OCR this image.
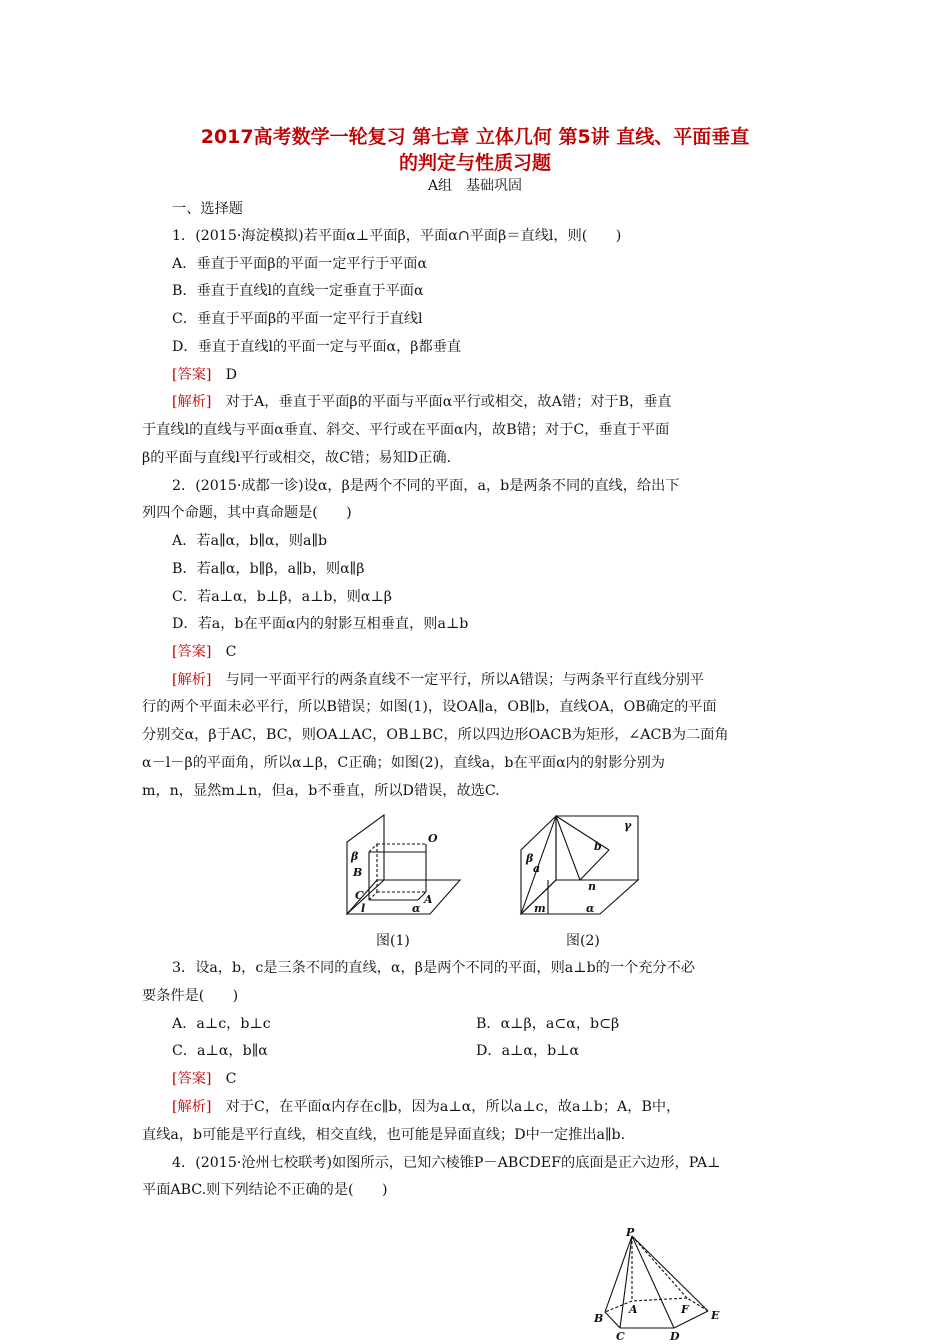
2017高考数学一轮复习 第七章 立体几何 第5讲 直线、平面垂直
的判定与性质习题
A组　基础巩固
一、选择题
1．(2015·海淀模拟)若平面α⊥平面β，平面α∩平面β＝直线l，则(　　)
A．垂直于平面β的平面一定平行于平面α
B．垂直于直线l的直线一定垂直于平面α
C．垂直于平面β的平面一定平行于直线l
D．垂直于直线l的平面一定与平面α，β都垂直
[答案]　 D
[解析]　 对于A，垂直于平面β的平面与平面α平行或相交，故A错；对于B，垂直
于直线l的直线与平面α垂直、斜交、平行或在平面α内，故B错；对于C，垂直于平面
β的平面与直线l平行或相交，故C错；易知D正确.
2．(2015·成都一诊)设α，β是两个不同的平面，a，b是两条不同的直线，给出下
列四个命题，其中真命题是(　　)
A．若a∥α，b∥α，则a∥b
B．若a∥α，b∥β，a∥b，则α∥β
C．若a⊥α，b⊥β，a⊥b，则α⊥β
D．若a，b在平面α内的射影互相垂直，则a⊥b
[答案]　 C
[解析]　 与同一平面平行的两条直线不一定平行，所以A错误；与两条平行直线分别平
行的两个平面未必平行，所以B错误；如图(1)，设OA∥a，OB∥b，直线OA，OB确定的平面
分别交α，β于AC，BC，则OA⊥AC，OB⊥BC，所以四边形OACB为矩形，∠ACB为二面角
α－l－β的平面角，所以α⊥β，C正确；如图(2)，直线a，b在平面α内的射影分别为
m，n，显然m⊥n，但a，b不垂直，所以D错误，故选C.
O
β
B
C	A
l	α
图(1)
γ
b
β
a
n
m	α
图(2)
3．设a，b，c是三条不同的直线，α，β是两个不同的平面，则a⊥b的一个充分不必
要条件是(　　)
A．a⊥c，b⊥c	B．α⊥β，a⊂α，b⊂β
C．a⊥α，b∥α	D．a⊥α，b⊥α
[答案]　 C
[解析]　 对于C，在平面α内存在c∥b，因为a⊥α，所以a⊥c，故a⊥b；A，B中，
直线a，b可能是平行直线，相交直线，也可能是异面直线；D中一定推出a∥b.
4．(2015·沧州七校联考)如图所示，已知六棱锥P－ABCDEF的底面是正六边形，PA⊥
平面ABC.则下列结论不正确的是(　　)
P
A	F
B	E
C	D
